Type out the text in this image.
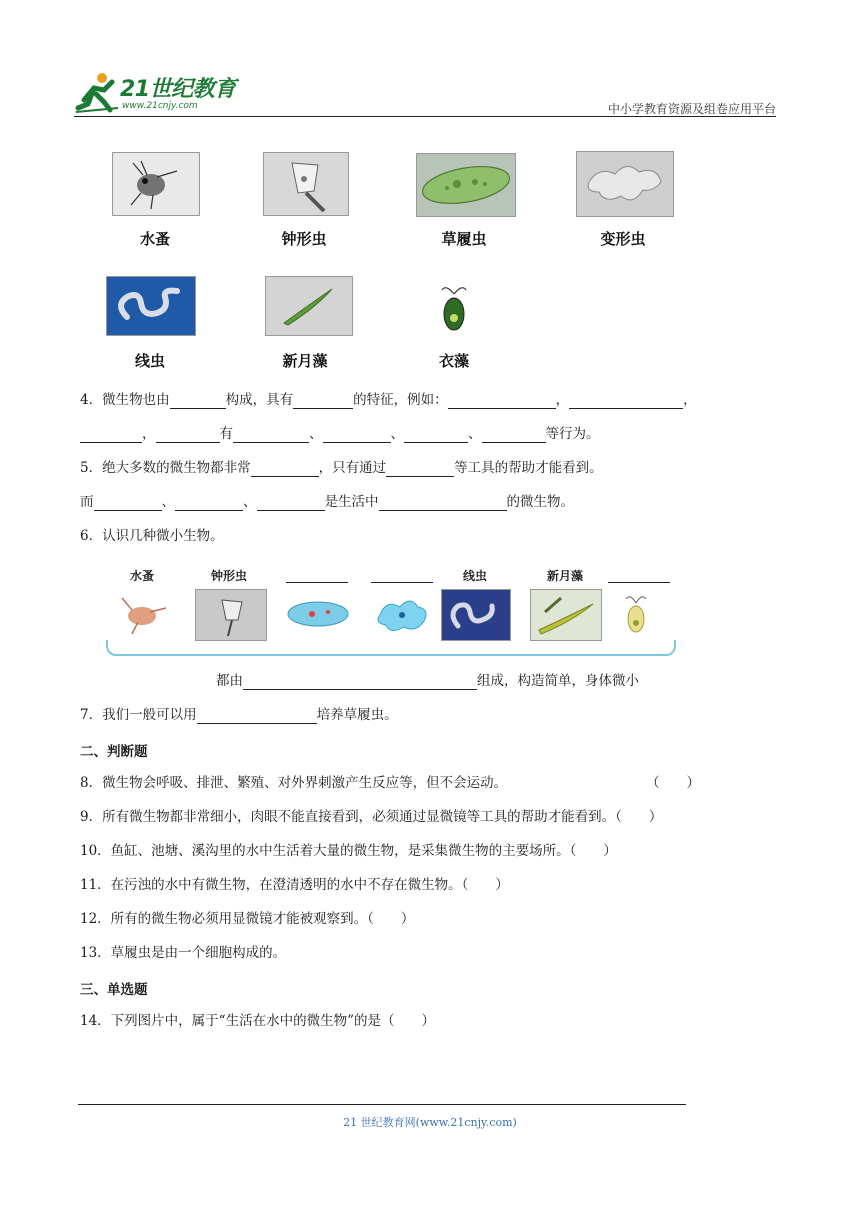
21世纪教育
www.21cnjy.com	中小学教育资源及组卷应用平台
水蚤	钟形虫	草履虫	变形虫
线虫	新月藻	衣藻
4．微生物也由	构成，具有	的特征，例如：	，	，
，	有	、	、	、	等行为。
5．绝大多数的微生物都非常	，只有通过	等工具的帮助才能看到。
而	、	、	是生活中	的微生物。
6．认识几种微小生物。
水蚤	钟形虫	线虫	新月藻
都由	组成，构造简单，身体微小
7．我们一般可以用	培养草履虫。
二、判断题
8．微生物会呼吸、排泄、繁殖、对外界刺激产生反应等，但不会运动。	（　　）
9．所有微生物都非常细小，肉眼不能直接看到，必须通过显微镜等工具的帮助才能看到。（　　）
10．鱼缸、池塘、溪沟里的水中生活着大量的微生物，是采集微生物的主要场所。（　　）
11．在污浊的水中有微生物，在澄清透明的水中不存在微生物。（　　）
12．所有的微生物必须用显微镜才能被观察到。（　　）
13．草履虫是由一个细胞构成的。
三、单选题
14．下列图片中，属于“生活在水中的微生物”的是（　　）
21 世纪教育网(www.21cnjy.com)
